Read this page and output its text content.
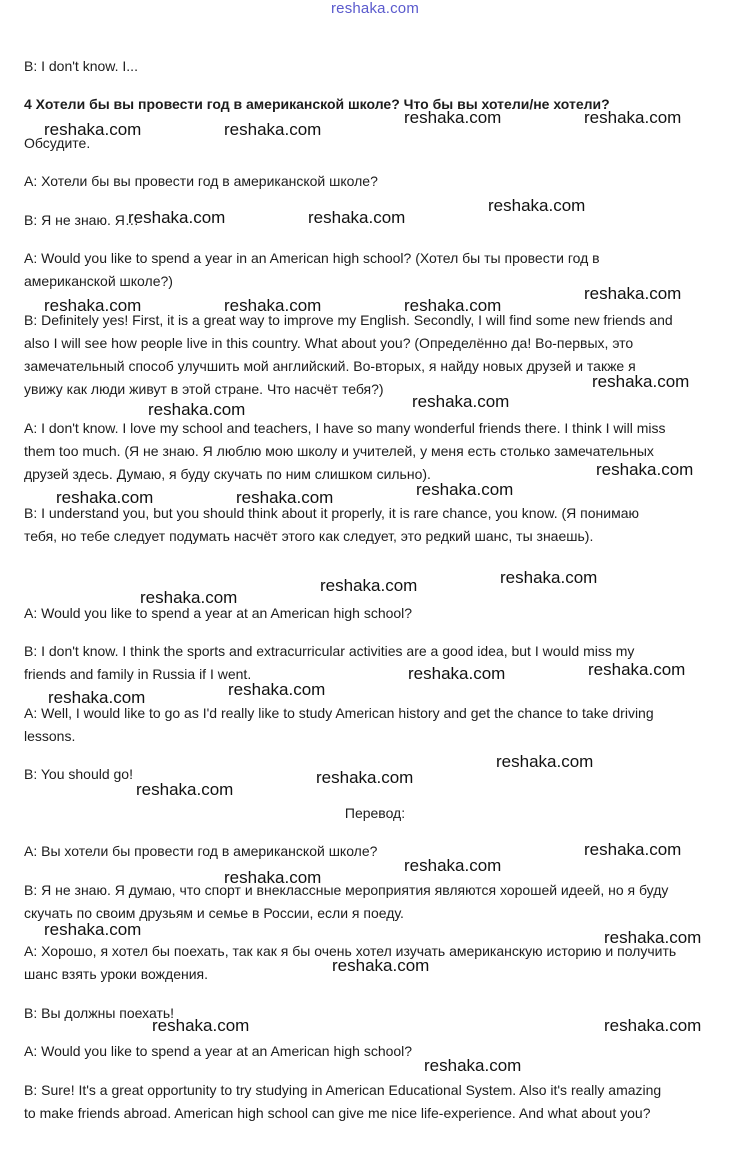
reshaka.com
B: I don't know. I...
4 Хотели бы вы провести год в американской школе? Что бы вы хотели/не хотели?
Обсудите.
A: Хотели бы вы провести год в американской школе?
B: Я не знаю. Я…
A: Would you like to spend a year in an American high school? (Хотел бы ты провести год в
американской школе?)
B: Definitely yes! First, it is a great way to improve my English. Secondly, I will find some new friends and
also I will see how people live in this country. What about you? (Определённо да! Во-первых, это
замечательный способ улучшить мой английский. Во-вторых, я найду новых друзей и также я
увижу как люди живут в этой стране. Что насчёт тебя?)
A: I don't know. I love my school and teachers, I have so many wonderful friends there. I think I will miss
them too much. (Я не знаю. Я люблю мою школу и учителей, у меня есть столько замечательных
друзей здесь. Думаю, я буду скучать по ним слишком сильно).
B: I understand you, but you should think about it properly, it is rare chance, you know. (Я понимаю
тебя, но тебе следует подумать насчёт этого как следует, это редкий шанс, ты знаешь).
A: Would you like to spend a year at an American high school?
B: I don't know. I think the sports and extracurricular activities are a good idea, but I would miss my
friends and family in Russia if I went.
A: Well, I would like to go as I'd really like to study American history and get the chance to take driving
lessons.
B: You should go!
Перевод:
A: Вы хотели бы провести год в американской школе?
B: Я не знаю. Я думаю, что спорт и внеклассные мероприятия являются хорошей идеей, но я буду
скучать по своим друзьям и семье в России, если я поеду.
A: Хорошо, я хотел бы поехать, так как я бы очень хотел изучать американскую историю и получить
шанс взять уроки вождения.
B: Вы должны поехать!
A: Would you like to spend a year at an American high school?
B: Sure! It's a great opportunity to try studying in American Educational System. Also it's really amazing
to make friends abroad. American high school can give me nice life-experience. And what about you?
reshaka.com	reshaka.com
reshaka.com	reshaka.com
reshaka.com	reshaka.com
reshaka.com
reshaka.com	reshaka.com	reshaka.com
reshaka.com
reshaka.com
reshaka.com	reshaka.com
reshaka.com
reshaka.com
reshaka.com	reshaka.com
reshaka.com
reshaka.com
reshaka.com
reshaka.com
reshaka.com
reshaka.com
reshaka.com
reshaka.com
reshaka.com
reshaka.com
reshaka.com
reshaka.com
reshaka.com
reshaka.com	reshaka.com
reshaka.com
reshaka.com	reshaka.com
reshaka.com
